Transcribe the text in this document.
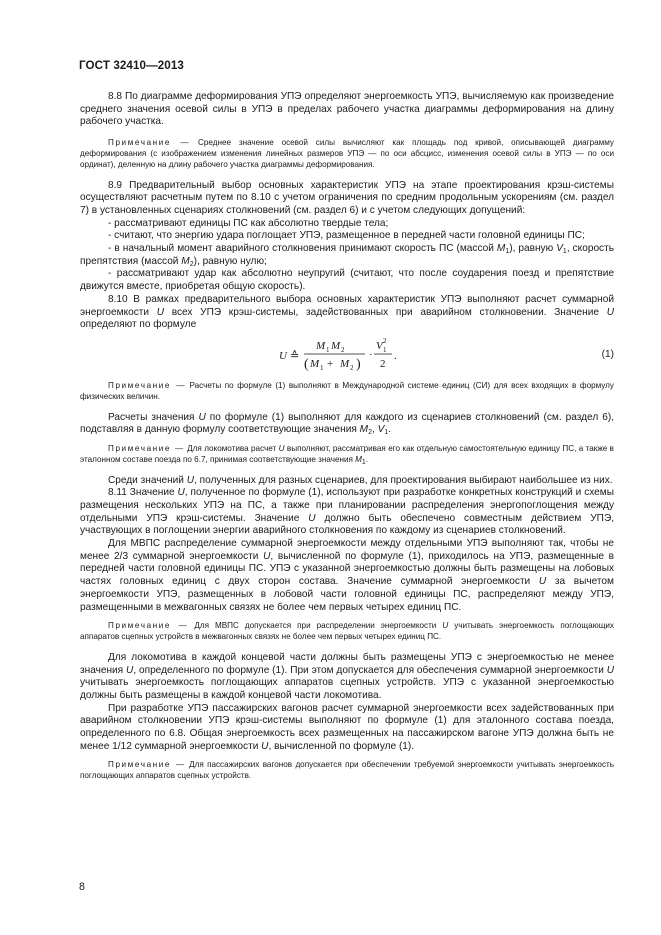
ГОСТ 32410—2013

8.8 По диаграмме деформирования УПЭ определяют энергоемкость УПЭ, вычисляемую как произведение среднего значения осевой силы в УПЭ в пределах рабочего участка диаграммы деформирования на длину рабочего участка.

Примечание — Среднее значение осевой силы вычисляют как площадь под кривой, описывающей диаграмму деформирования (с изображением изменения линейных размеров УПЭ — по оси абсцисс, изменения осевой силы в УПЭ — по оси ординат), деленную на длину рабочего участка диаграммы деформирования.

8.9 Предварительный выбор основных характеристик УПЭ на этапе проектирования крэш-системы осуществляют расчетным путем по 8.10 с учетом ограничения по средним продольным ускорениям (см. раздел 7) в установленных сценариях столкновений (см. раздел 6) и с учетом следующих допущений:

- рассматривают единицы ПС как абсолютно твердые тела;

- считают, что энергию удара поглощает УПЭ, размещенное в передней части головной единицы ПС;

- в начальный момент аварийного столкновения принимают скорость ПС (массой $M_1$), равную $V_1$, скорость препятствия (массой $M_2$), равную нулю;

- рассматривают удар как абсолютно неупругий (считают, что после соударения поезд и препятствие движутся вместе, приобретая общую скорость).

8.10 В рамках предварительного выбора основных характеристик УПЭ выполняют расчет суммарной энергоемкости U всех УПЭ крэш-системы, задействованных при аварийном столкновении. Значение U определяют по формуле

U ≙
M 1 M 2
( M 1 + M 2 )
·
V 1
2
2
.	(1)

Примечание — Расчеты по формуле (1) выполняют в Международной системе единиц (СИ) для всех входящих в формулу физических величин.

Расчеты значения U по формуле (1) выполняют для каждого из сценариев столкновений (см. раздел 6), подставляя в данную формулу соответствующие значения $M_2$, $V_1$.

Примечание — Для локомотива расчет U выполняют, рассматривая его как отдельную самостоятельную единицу ПС, а также в эталонном составе поезда по 6.7, принимая соответствующие значения $M_1$.

Среди значений U, полученных для разных сценариев, для проектирования выбирают наибольшее из них.

8.11 Значение U, полученное по формуле (1), используют при разработке конкретных конструкций и схемы размещения нескольких УПЭ на ПС, а также при планировании распределения энергопоглощения между отдельными УПЭ крэш-системы. Значение U должно быть обеспечено совместным действием УПЭ, участвующих в поглощении энергии аварийного столкновения по каждому из сценариев столкновений.

Для МВПС распределение суммарной энергоемкости между отдельными УПЭ выполняют так, чтобы не менее 2/3 суммарной энергоемкости U, вычисленной по формуле (1), приходилось на УПЭ, размещенные в передней части головной единицы ПС. УПЭ с указанной энергоемкостью должны быть размещены на лобовых частях головных единиц с двух сторон состава. Значение суммарной энергоемкости U за вычетом энергоемкости УПЭ, размещенных в лобовой части головной единицы ПС, распределяют между УПЭ, размещенными в межвагонных связях не более чем первых четырех единиц ПС.

Примечание — Для МВПС допускается при распределении энергоемкости U учитывать энергоемкость поглощающих аппаратов сцепных устройств в межвагонных связях не более чем первых четырех единиц ПС.

Для локомотива в каждой концевой части должны быть размещены УПЭ с энергоемкостью не менее значения U, определенного по формуле (1). При этом допускается для обеспечения суммарной энергоемкости U учитывать энергоемкость поглощающих аппаратов сцепных устройств. УПЭ с указанной энергоемкостью должны быть размещены в каждой концевой части локомотива.

При разработке УПЭ пассажирских вагонов расчет суммарной энергоемкости всех задействованных при аварийном столкновении УПЭ крэш-системы выполняют по формуле (1) для эталонного состава поезда, определенного по 6.8. Общая энергоемкость всех размещенных на пассажирском вагоне УПЭ должна быть не менее 1/12 суммарной энергоемкости U, вычисленной по формуле (1).

Примечание — Для пассажирских вагонов допускается при обеспечении требуемой энергоемкости учитывать энергоемкость поглощающих аппаратов сцепных устройств.

8
